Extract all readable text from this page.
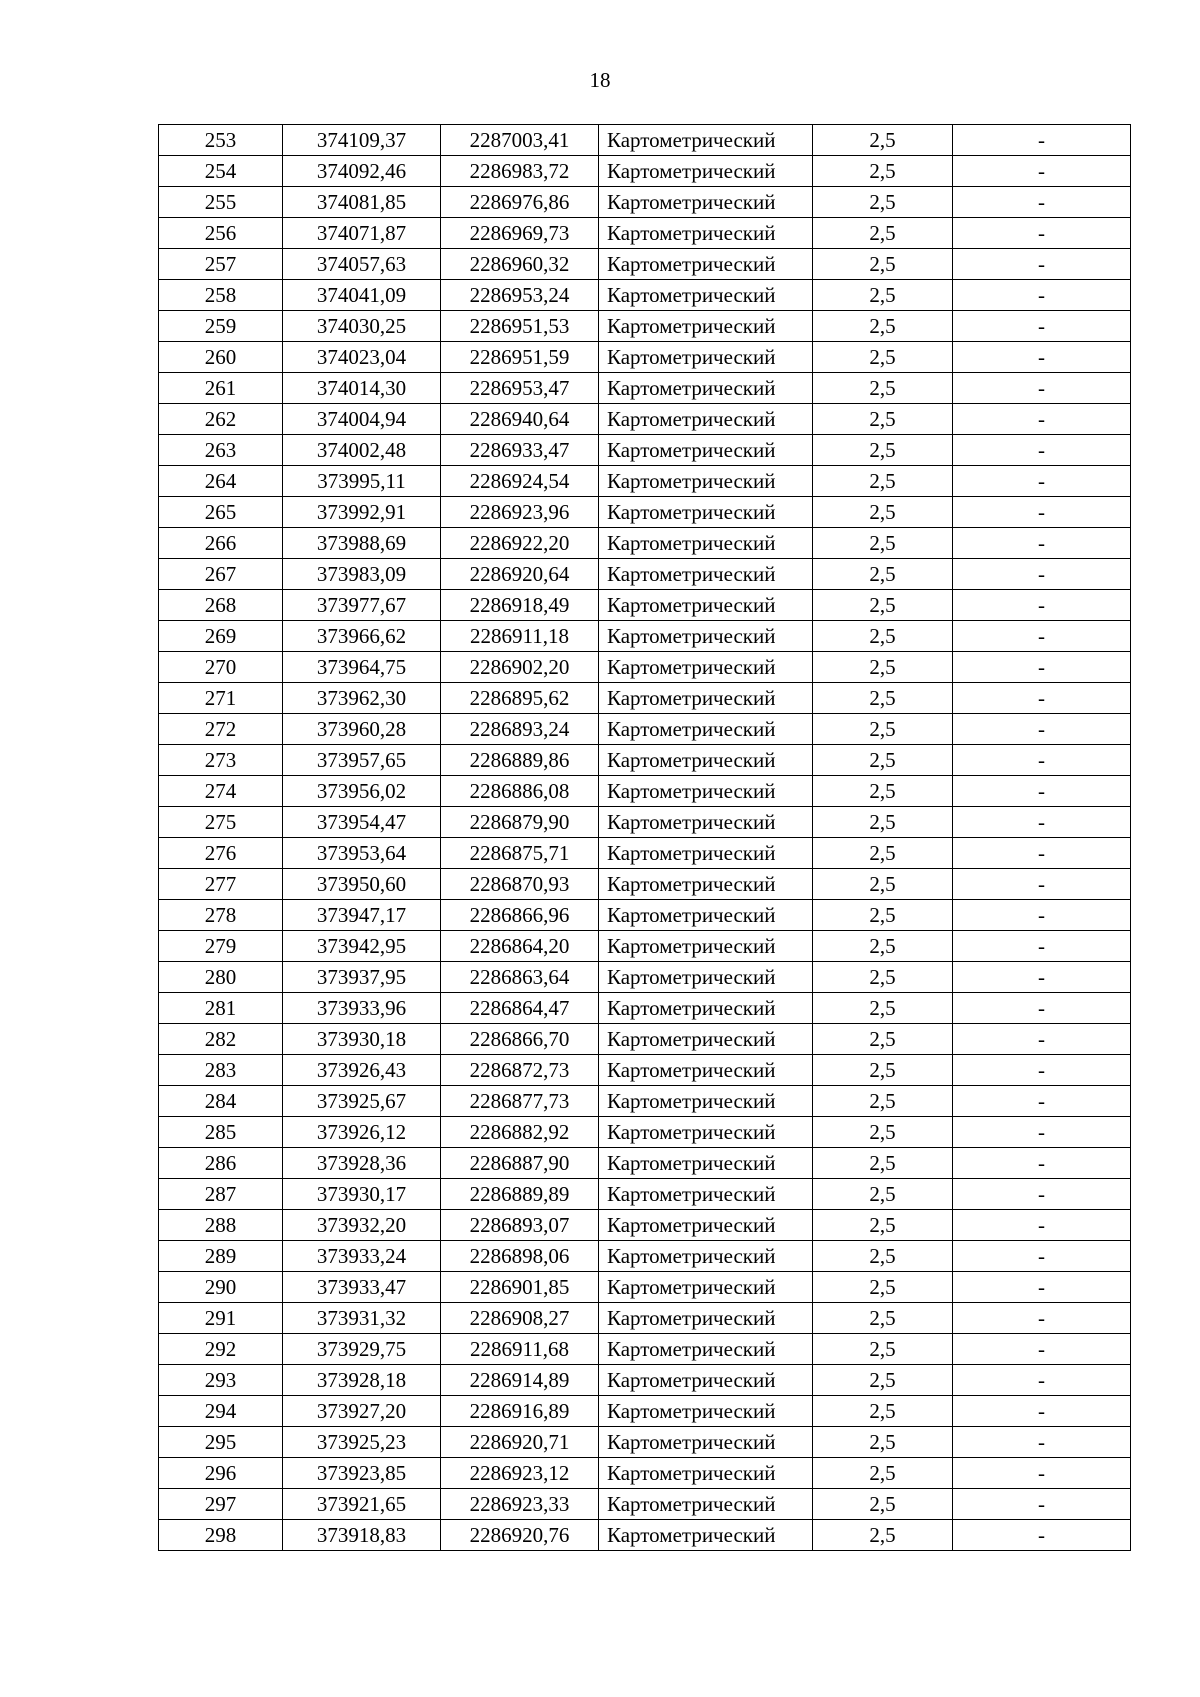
18
253	374109,37	2287003,41	Картометрический	2,5	-
254	374092,46	2286983,72	Картометрический	2,5	-
255	374081,85	2286976,86	Картометрический	2,5	-
256	374071,87	2286969,73	Картометрический	2,5	-
257	374057,63	2286960,32	Картометрический	2,5	-
258	374041,09	2286953,24	Картометрический	2,5	-
259	374030,25	2286951,53	Картометрический	2,5	-
260	374023,04	2286951,59	Картометрический	2,5	-
261	374014,30	2286953,47	Картометрический	2,5	-
262	374004,94	2286940,64	Картометрический	2,5	-
263	374002,48	2286933,47	Картометрический	2,5	-
264	373995,11	2286924,54	Картометрический	2,5	-
265	373992,91	2286923,96	Картометрический	2,5	-
266	373988,69	2286922,20	Картометрический	2,5	-
267	373983,09	2286920,64	Картометрический	2,5	-
268	373977,67	2286918,49	Картометрический	2,5	-
269	373966,62	2286911,18	Картометрический	2,5	-
270	373964,75	2286902,20	Картометрический	2,5	-
271	373962,30	2286895,62	Картометрический	2,5	-
272	373960,28	2286893,24	Картометрический	2,5	-
273	373957,65	2286889,86	Картометрический	2,5	-
274	373956,02	2286886,08	Картометрический	2,5	-
275	373954,47	2286879,90	Картометрический	2,5	-
276	373953,64	2286875,71	Картометрический	2,5	-
277	373950,60	2286870,93	Картометрический	2,5	-
278	373947,17	2286866,96	Картометрический	2,5	-
279	373942,95	2286864,20	Картометрический	2,5	-
280	373937,95	2286863,64	Картометрический	2,5	-
281	373933,96	2286864,47	Картометрический	2,5	-
282	373930,18	2286866,70	Картометрический	2,5	-
283	373926,43	2286872,73	Картометрический	2,5	-
284	373925,67	2286877,73	Картометрический	2,5	-
285	373926,12	2286882,92	Картометрический	2,5	-
286	373928,36	2286887,90	Картометрический	2,5	-
287	373930,17	2286889,89	Картометрический	2,5	-
288	373932,20	2286893,07	Картометрический	2,5	-
289	373933,24	2286898,06	Картометрический	2,5	-
290	373933,47	2286901,85	Картометрический	2,5	-
291	373931,32	2286908,27	Картометрический	2,5	-
292	373929,75	2286911,68	Картометрический	2,5	-
293	373928,18	2286914,89	Картометрический	2,5	-
294	373927,20	2286916,89	Картометрический	2,5	-
295	373925,23	2286920,71	Картометрический	2,5	-
296	373923,85	2286923,12	Картометрический	2,5	-
297	373921,65	2286923,33	Картометрический	2,5	-
298	373918,83	2286920,76	Картометрический	2,5	-
